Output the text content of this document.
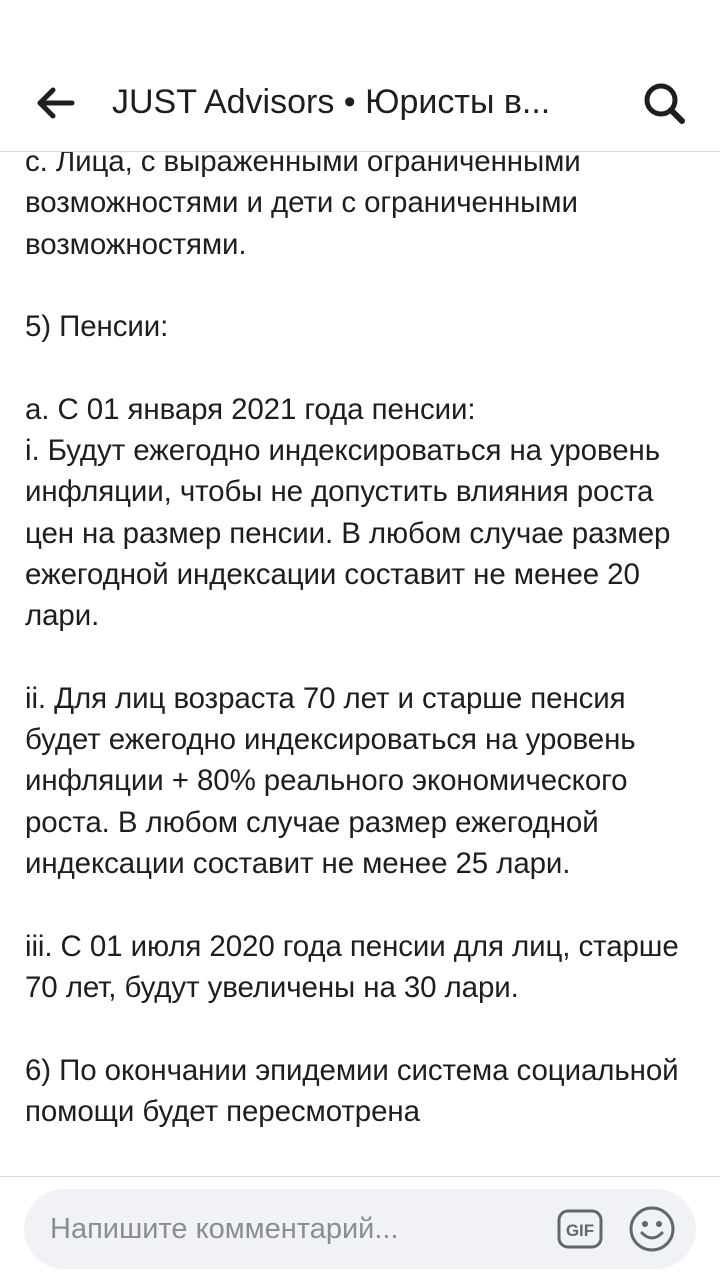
JUST Advisors • Юристы в...

c. Лица, с выраженными ограниченными возможностями и дети с ограниченными возможностями.

5) Пенсии:

a. С 01 января 2021 года пенсии:

i. Будут ежегодно индексироваться на уровень инфляции, чтобы не допустить влияния роста цен на размер пенсии. В любом случае размер ежегодной индексации составит не менее 20 лари.

ii. Для лиц возраста 70 лет и старше пенсия будет ежегодно индексироваться на уровень инфляции + 80% реального экономического роста. В любом случае размер ежегодной индексации составит не менее 25 лари.

iii. С 01 июля 2020 года пенсии для лиц, старше 70 лет, будут увеличены на 30 лари.

6) По окончании эпидемии система социальной помощи будет пересмотрена

Напишите комментарий...	GIF
